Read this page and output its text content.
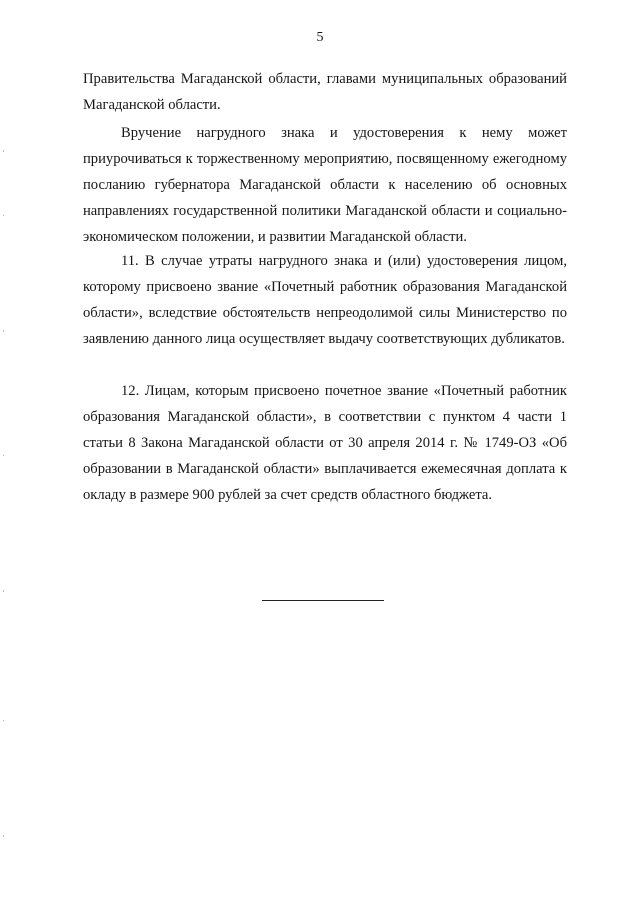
5

Правительства Магаданской области, главами муниципальных образований Магаданской области.

Вручение нагрудного знака и удостоверения к нему может приурочиваться к торжественному мероприятию, посвященному ежегодному посланию губернатора Магаданской области к населению об основных направлениях государственной политики Магаданской области и социально-экономическом положении, и развитии Магаданской области.

11. В случае утраты нагрудного знака и (или) удостоверения лицом, которому присвоено звание «Почетный работник образования Магаданской области», вследствие обстоятельств непреодолимой силы Министерство по заявлению данного лица осуществляет выдачу соответствующих дубликатов.

12. Лицам, которым присвоено почетное звание «Почетный работник образования Магаданской области», в соответствии с пунктом 4 части 1 статьи 8 Закона Магаданской области от 30 апреля 2014 г. № 1749-ОЗ «Об образовании в Магаданской области» выплачивается ежемесячная доплата к окладу в размере 900 рублей за счет средств областного бюджета.
